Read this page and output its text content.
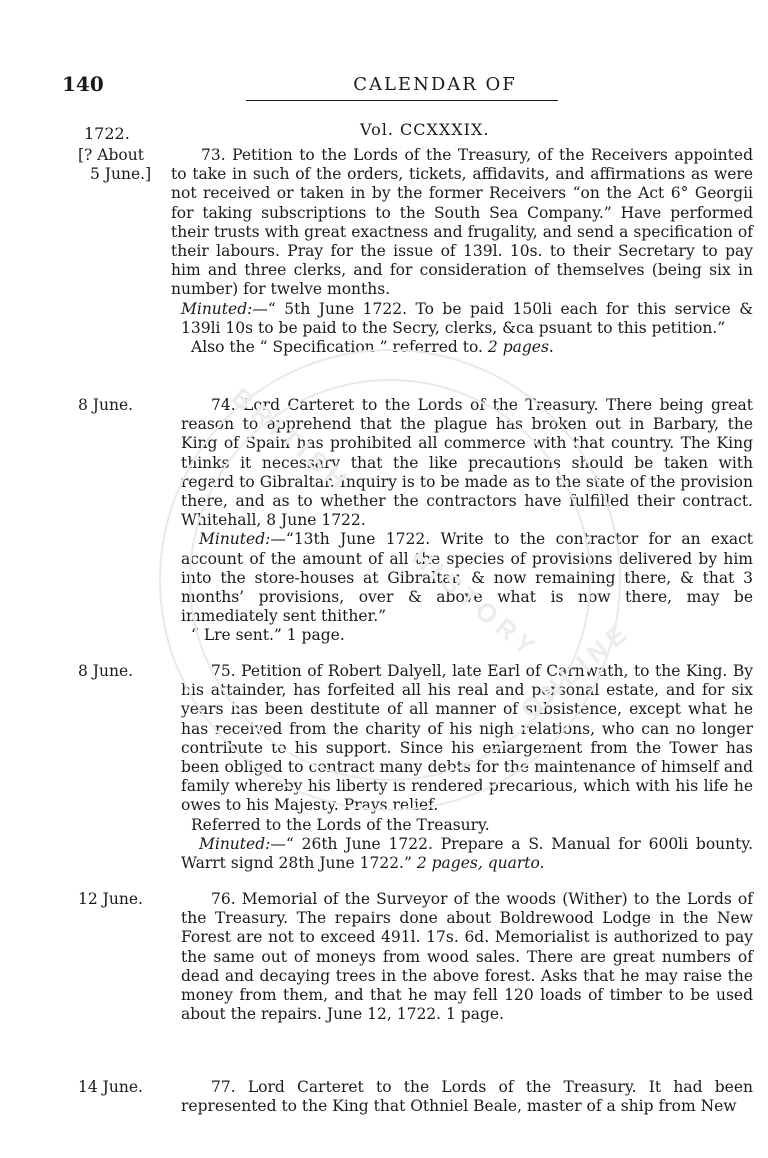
140	CALENDAR OF
1722.	Vol. CCXXXIX.
[? About
5 June.]

73. Petition to the Lords of the Treasury, of the Receivers appointed to take in such of the orders, tickets, affidavits, and affirmations as were not received or taken in by the former Receivers “on the Act 6° Georgii for taking subscriptions to the South Sea Company.” Have performed their trusts with great exactness and frugality, and send a specification of their labours. Pray for the issue of 139l. 10s. to their Secretary to pay him and three clerks, and for consideration of themselves (being six in number) for twelve months.

Minuted:—“ 5th June 1722. To be paid 150li each for this service & 139li 10s to be paid to the Secry, clerks, &ca psuant to this petition.”

Also the “ Specification ” referred to. 2 pages.

8 June.	74. Lord Carteret to the Lords of the Treasury. There being great reason to apprehend that the plague has broken out in Barbary, the King of Spain has prohibited all commerce with that country. The King thinks it necessary that the like precautions should be taken with regard to Gibraltar. Inquiry is to be made as to the state of the provision there, and as to whether the contractors have fulfilled their contract. Whitehall, 8 June 1722.

Minuted:—“13th June 1722. Write to the contractor for an exact account of the amount of all the species of provisions delivered by him into the store-houses at Gibraltar, & now remaining there, & that 3 months’ provisions, over & above what is now there, may be immediately sent thither.”

“ Lre sent.” 1 page.

8 June.	75. Petition of Robert Dalyell, late Earl of Carnwath, to the King. By his attainder, has forfeited all his real and personal estate, and for six years has been destitute of all manner of subsistence, except what he has received from the charity of his nigh relations, who can no longer contribute to his support. Since his enlargement from the Tower has been obliged to contract many debts for the maintenance of himself and family whereby his liberty is rendered precarious, which with his life he owes to his Majesty. Prays relief.

Referred to the Lords of the Treasury.

Minuted:—“ 26th June 1722. Prepare a S. Manual for 600li bounty. Warrt signd 28th June 1722.” 2 pages, quarto.

12 June.	76. Memorial of the Surveyor of the woods (Wither) to the Lords of the Treasury. The repairs done about Boldrewood Lodge in the New Forest are not to exceed 491l. 17s. 6d. Memorialist is authorized to pay the same out of moneys from wood sales. There are great numbers of dead and decaying trees in the above forest. Asks that he may raise the money from them, and that he may fell 120 loads of timber to be used about the repairs. June 12, 1722. 1 page.

14 June.	77. Lord Carteret to the Lords of the Treasury. It had been represented to the King that Othniel Beale, master of a ship from New

BRITISH
HISTORY
ONLINE
